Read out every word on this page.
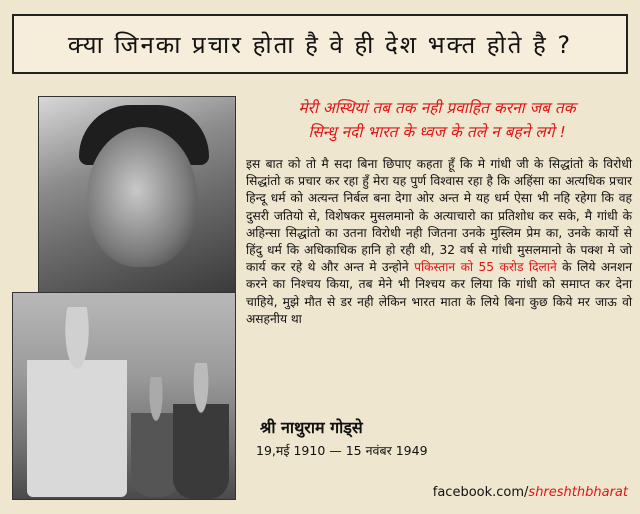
क्या जिनका प्रचार होता है वे ही देश भक्त होते है ?
मेरी अस्थियां तब तक नही प्रवाहित करना जब तक
सिन्धु नदी भारत के ध्वज के तले न बहने लगे !
इस बात को तो मै सदा बिना छिपाए कहता हूँ कि मे गांधी जी के सिद्धांतो के विरोधी सिद्धांतो क प्रचार कर रहा हुँ मेरा यह पुर्ण विश्वास रहा है कि अहिंसा का अत्यधिक प्रचार हिन्दू धर्म को अत्यन्त निर्बल बना देगा ओर अन्त मे यह धर्म ऐसा भी नहि रहेगा कि वह दुसरी जतियो से, विशेषकर मुसलमानो के अत्याचारो का प्रतिशोध कर सके, मै गांधी के अहिन्सा सिद्धांतो का उतना विरोधी नही जितना उनके मुस्लिम प्रेम का, उनके कार्यो से हिंदु धर्म कि अधिकाधिक हानि हो रही थी, 32 वर्ष से गांधी मुसलमानो के पक्श मे जो कार्य कर रहे थे और अन्त मे उन्होने पकिस्तान को 55 करोड दिलाने के लिये अनशन करने का निश्चय किया, तब मेने भी निश्चय कर लिया कि गांधी को समाप्त कर देना चाहिये, मुझे मौत से डर नही लेकिन भारत माता के लिये बिना कुछ किये मर जाऊ वो असहनीय था
श्री नाथुराम गोड्से
19,मई 1910 — 15 नवंबर 1949
facebook.com/shreshthbharat
